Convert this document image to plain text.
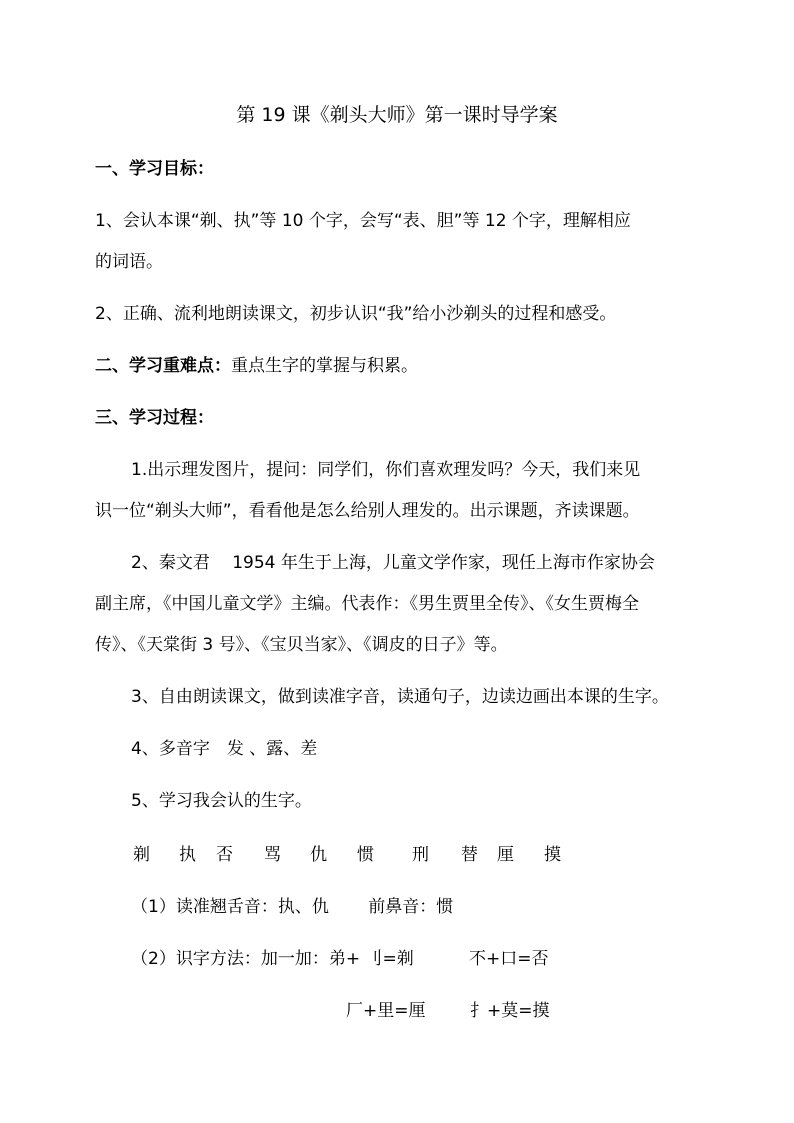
第 19 课《剃头大师》第一课时导学案
一、学习目标：
1、会认本课“剃、执”等 10 个字，会写“表、胆”等 12 个字，理解相应
的词语。
2、正确、流利地朗读课文，初步认识“我”给小沙剃头的过程和感受。
二、学习重难点：重点生字的掌握与积累。
三、学习过程：
1.出示理发图片，提问：同学们，你们喜欢理发吗？今天，我们来见
识一位“剃头大师”，看看他是怎么给别人理发的。出示课题，齐读课题。
2、秦文君　 1954 年生于上海，儿童文学作家，现任上海市作家协会
副主席，《中国儿童文学》主编。代表作：《男生贾里全传》、《女生贾梅全
传》、《天棠街 3 号》、《宝贝当家》、《调皮的日子》等。
3、自由朗读课文，做到读准字音，读通句子，边读边画出本课的生字。
4、多音字　发 、露、差
5、学习我会认的生字。
剃 执 否 骂 仇 惯 刑 替 厘 摸
（1）读准翘舌音：执、仇　　 前鼻音：惯
（2）识字方法：加一加：弟+ 刂=剃	不+口=否
厂+里=厘	扌+莫=摸
